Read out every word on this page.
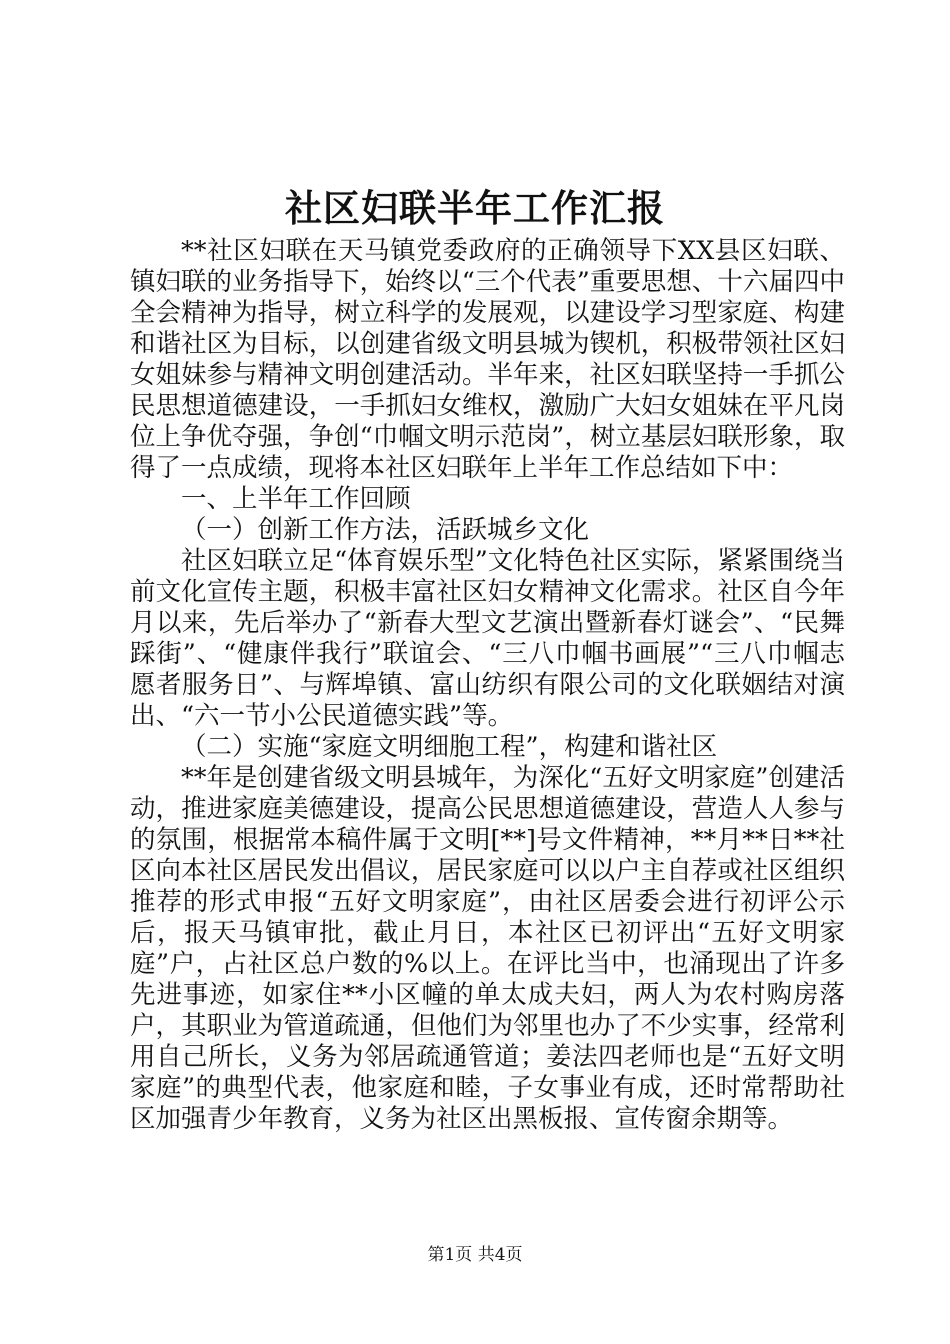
社区妇联半年工作汇报

**社区妇联在天马镇党委政府的正确领导下XX县区妇联、镇妇联的业务指导下，始终以“三个代表”重要思想、十六届四中全会精神为指导，树立科学的发展观，以建设学习型家庭、构建和谐社区为目标，以创建省级文明县城为锲机，积极带领社区妇女姐妹参与精神文明创建活动。半年来，社区妇联坚持一手抓公民思想道德建设，一手抓妇女维权，激励广大妇女姐妹在平凡岗位上争优夺强，争创“巾帼文明示范岗”，树立基层妇联形象，取得了一点成绩，现将本社区妇联年上半年工作总结如下中：

一、上半年工作回顾

（一）创新工作方法，活跃城乡文化

社区妇联立足“体育娱乐型”文化特色社区实际，紧紧围绕当前文化宣传主题，积极丰富社区妇女精神文化需求。社区自今年月以来，先后举办了“新春大型文艺演出暨新春灯谜会”、“民舞踩街”、“健康伴我行”联谊会、“三八巾帼书画展”“三八巾帼志愿者服务日”、与辉埠镇、富山纺织有限公司的文化联姻结对演出、“六一节小公民道德实践”等。

（二）实施“家庭文明细胞工程”，构建和谐社区

**年是创建省级文明县城年，为深化“五好文明家庭”创建活动，推进家庭美德建设，提高公民思想道德建设，营造人人参与的氛围，根据常本稿件属于文明[**]号文件精神，**月**日**社区向本社区居民发出倡议，居民家庭可以以户主自荐或社区组织推荐的形式申报“五好文明家庭”，由社区居委会进行初评公示后，报天马镇审批，截止月日，本社区已初评出“五好文明家庭”户，占社区总户数的%以上。在评比当中，也涌现出了许多先进事迹，如家住**小区幢的单太成夫妇，两人为农村购房落户，其职业为管道疏通，但他们为邻里也办了不少实事，经常利用自己所长，义务为邻居疏通管道；姜法四老师也是“五好文明家庭”的典型代表，他家庭和睦，子女事业有成，还时常帮助社区加强青少年教育，义务为社区出黑板报、宣传窗余期等。

第1页 共4页
